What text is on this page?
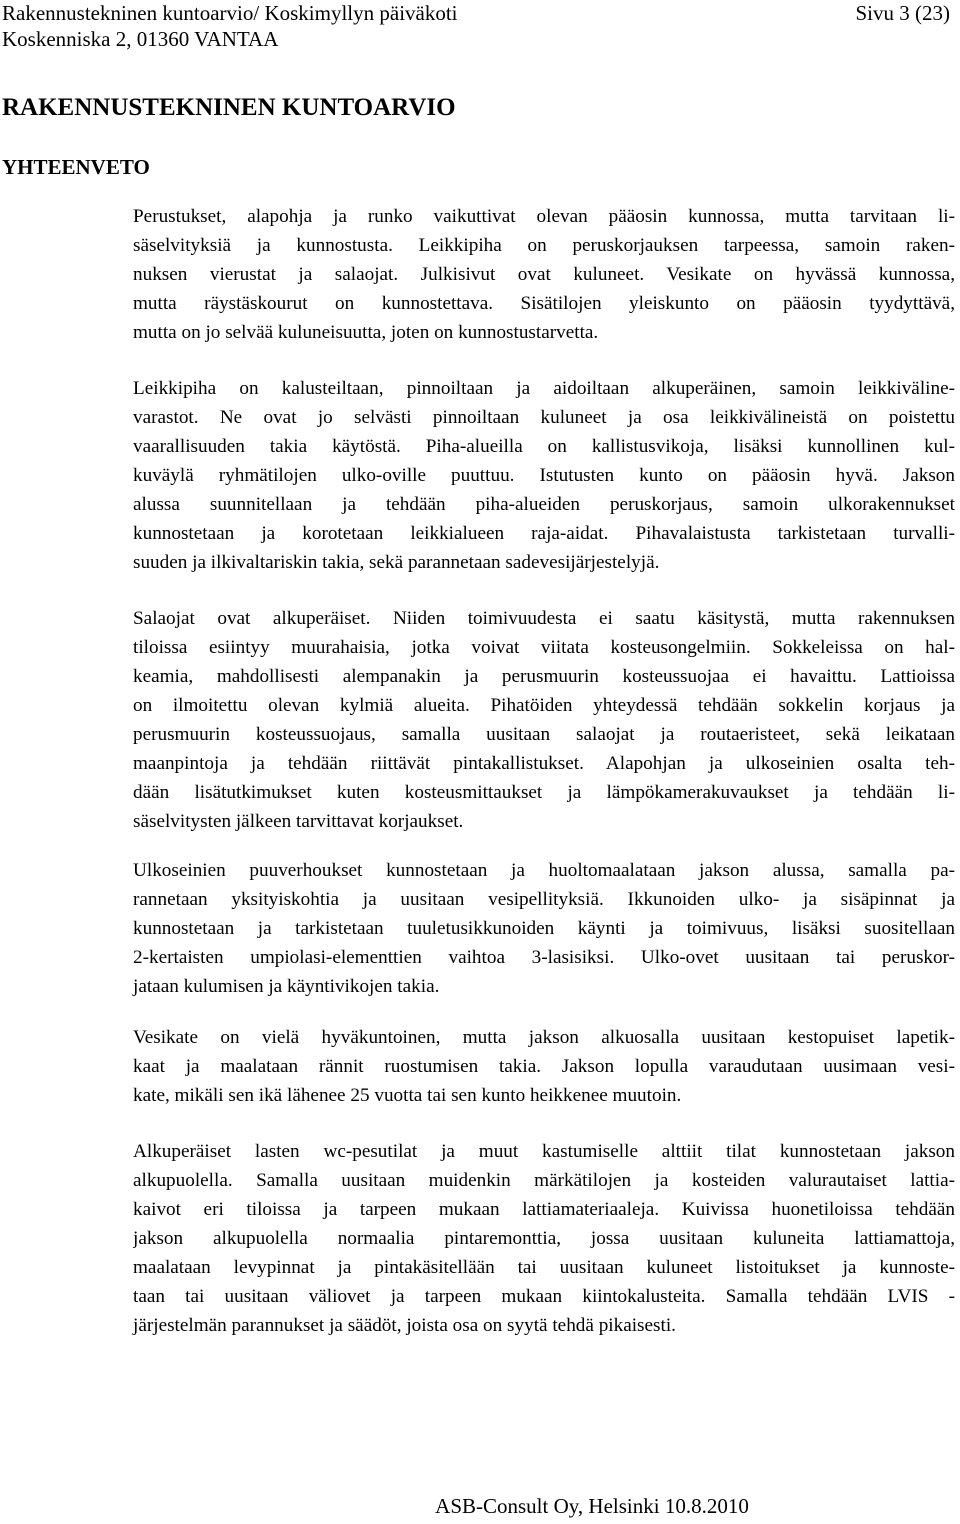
Rakennustekninen kuntoarvio/ Koskimyllyn päiväkoti
Koskenniska 2, 01360 VANTAA
Sivu 3 (23)
RAKENNUSTEKNINEN KUNTOARVIO
YHTEENVETO
Perustukset, alapohja ja runko vaikuttivat olevan pääosin kunnossa, mutta tarvitaan li-
säselvityksiä ja kunnostusta. Leikkipiha on peruskorjauksen tarpeessa, samoin raken-
nuksen vierustat ja salaojat. Julkisivut ovat kuluneet. Vesikate on hyvässä kunnossa,
mutta räystäskourut on kunnostettava. Sisätilojen yleiskunto on pääosin tyydyttävä,
mutta on jo selvää kuluneisuutta, joten on kunnostustarvetta.
Leikkipiha on kalusteiltaan, pinnoiltaan ja aidoiltaan alkuperäinen, samoin leikkiväline-
varastot. Ne ovat jo selvästi pinnoiltaan kuluneet ja osa leikkivälineistä on poistettu
vaarallisuuden takia käytöstä. Piha-alueilla on kallistusvikoja, lisäksi kunnollinen kul-
kuväylä ryhmätilojen ulko-oville puuttuu. Istutusten kunto on pääosin hyvä. Jakson
alussa suunnitellaan ja tehdään piha-alueiden peruskorjaus, samoin ulkorakennukset
kunnostetaan ja korotetaan leikkialueen raja-aidat. Pihavalaistusta tarkistetaan turvalli-
suuden ja ilkivaltariskin takia, sekä parannetaan sadevesijärjestelyjä.
Salaojat ovat alkuperäiset. Niiden toimivuudesta ei saatu käsitystä, mutta rakennuksen
tiloissa esiintyy muurahaisia, jotka voivat viitata kosteusongelmiin. Sokkeleissa on hal-
keamia, mahdollisesti alempanakin ja perusmuurin kosteussuojaa ei havaittu. Lattioissa
on ilmoitettu olevan kylmiä alueita. Pihatöiden yhteydessä tehdään sokkelin korjaus ja
perusmuurin kosteussuojaus, samalla uusitaan salaojat ja routaeristeet, sekä leikataan
maanpintoja ja tehdään riittävät pintakallistukset. Alapohjan ja ulkoseinien osalta teh-
dään lisätutkimukset kuten kosteusmittaukset ja lämpökamerakuvaukset ja tehdään li-
säselvitysten jälkeen tarvittavat korjaukset.
Ulkoseinien puuverhoukset kunnostetaan ja huoltomaalataan jakson alussa, samalla pa-
rannetaan yksityiskohtia ja uusitaan vesipellityksiä. Ikkunoiden ulko- ja sisäpinnat ja
kunnostetaan ja tarkistetaan tuuletusikkunoiden käynti ja toimivuus, lisäksi suositellaan
2-kertaisten umpiolasi-elementtien vaihtoa 3-lasisiksi. Ulko-ovet uusitaan tai peruskor-
jataan kulumisen ja käyntivikojen takia.
Vesikate on vielä hyväkuntoinen, mutta jakson alkuosalla uusitaan kestopuiset lapetik-
kaat ja maalataan rännit ruostumisen takia. Jakson lopulla varaudutaan uusimaan vesi-
kate, mikäli sen ikä lähenee 25 vuotta tai sen kunto heikkenee muutoin.
Alkuperäiset lasten wc-pesutilat ja muut kastumiselle alttiit tilat kunnostetaan jakson
alkupuolella. Samalla uusitaan muidenkin märkätilojen ja kosteiden valurautaiset lattia-
kaivot eri tiloissa ja tarpeen mukaan lattiamateriaaleja. Kuivissa huonetiloissa tehdään
jakson alkupuolella normaalia pintaremonttia, jossa uusitaan kuluneita lattiamattoja,
maalataan levypinnat ja pintakäsitellään tai uusitaan kuluneet listoitukset ja kunnoste-
taan tai uusitaan väliovet ja tarpeen mukaan kiintokalusteita. Samalla tehdään LVIS -
järjestelmän parannukset ja säädöt, joista osa on syytä tehdä pikaisesti.
ASB-Consult Oy, Helsinki 10.8.2010
